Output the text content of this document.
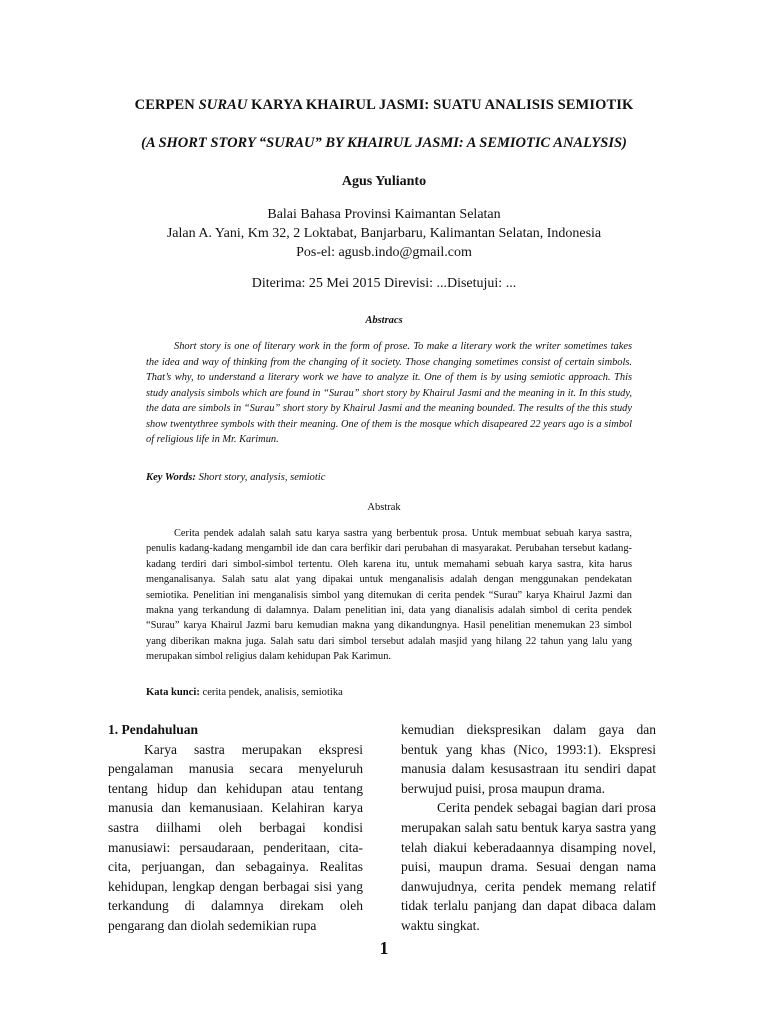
CERPEN SURAU KARYA KHAIRUL JASMI: SUATU ANALISIS SEMIOTIK
(A SHORT STORY “SURAU” BY KHAIRUL JASMI: A SEMIOTIC ANALYSIS)
Agus Yulianto
Balai Bahasa Provinsi Kaimantan Selatan
Jalan A. Yani, Km 32, 2 Loktabat, Banjarbaru, Kalimantan Selatan, Indonesia
Pos-el: agusb.indo@gmail.com
Diterima: 25 Mei 2015 Direvisi: ...Disetujui: ...
Abstracs
Short story is one of literary work in the form of prose. To make a literary work the writer sometimes takes the idea and way of thinking from the changing of it society. Those changing sometimes consist of certain simbols. That’s why, to understand a literary work we have to analyze it. One of them is by using semiotic approach. This study analysis simbols which are found in “Surau” short story by Khairul Jasmi and the meaning in it. In this study, the data are simbols in “Surau” short story by Khairul Jasmi and the meaning bounded. The results of the this study show twentythree symbols with their meaning. One of them is the mosque which disapeared 22 years ago is a simbol of religious life in Mr. Karimun.
Key Words: Short story, analysis, semiotic
Abstrak
Cerita pendek adalah salah satu karya sastra yang berbentuk prosa. Untuk membuat sebuah karya sastra, penulis kadang-kadang mengambil ide dan cara berfikir dari perubahan di masyarakat. Perubahan tersebut kadang-kadang terdiri dari simbol-simbol tertentu. Oleh karena itu, untuk memahami sebuah karya sastra, kita harus menganalisanya. Salah satu alat yang dipakai untuk menganalisis adalah dengan menggunakan pendekatan semiotika. Penelitian ini menganalisis simbol yang ditemukan di cerita pendek “Surau” karya Khairul Jazmi dan makna yang terkandung di dalamnya. Dalam penelitian ini, data yang dianalisis adalah simbol di cerita pendek “Surau” karya Khairul Jazmi baru kemudian makna yang dikandungnya. Hasil penelitian menemukan 23 simbol yang diberikan makna juga. Salah satu dari simbol tersebut adalah masjid yang hilang 22 tahun yang lalu yang merupakan simbol religius dalam kehidupan Pak Karimun.
Kata kunci: cerita pendek, analisis, semiotika

1. Pendahuluan

Karya sastra merupakan ekspresi pengalaman manusia secara menyeluruh tentang hidup dan kehidupan atau tentang manusia dan kemanusiaan. Kelahiran karya sastra diilhami oleh berbagai kondisi manusiawi: persaudaraan, penderitaan, cita-cita, perjuangan, dan sebagainya. Realitas kehidupan, lengkap dengan berbagai sisi yang terkandung di dalamnya direkam oleh pengarang dan diolah sedemikian rupa

kemudian diekspresikan dalam gaya dan bentuk yang khas (Nico, 1993:1). Ekspresi manusia dalam kesusastraan itu sendiri dapat berwujud puisi, prosa maupun drama.

Cerita pendek sebagai bagian dari prosa merupakan salah satu bentuk karya sastra yang telah diakui keberadaannya disamping novel, puisi, maupun drama. Sesuai dengan nama danwujudnya, cerita pendek memang relatif tidak terlalu panjang dan dapat dibaca dalam waktu singkat.

1
